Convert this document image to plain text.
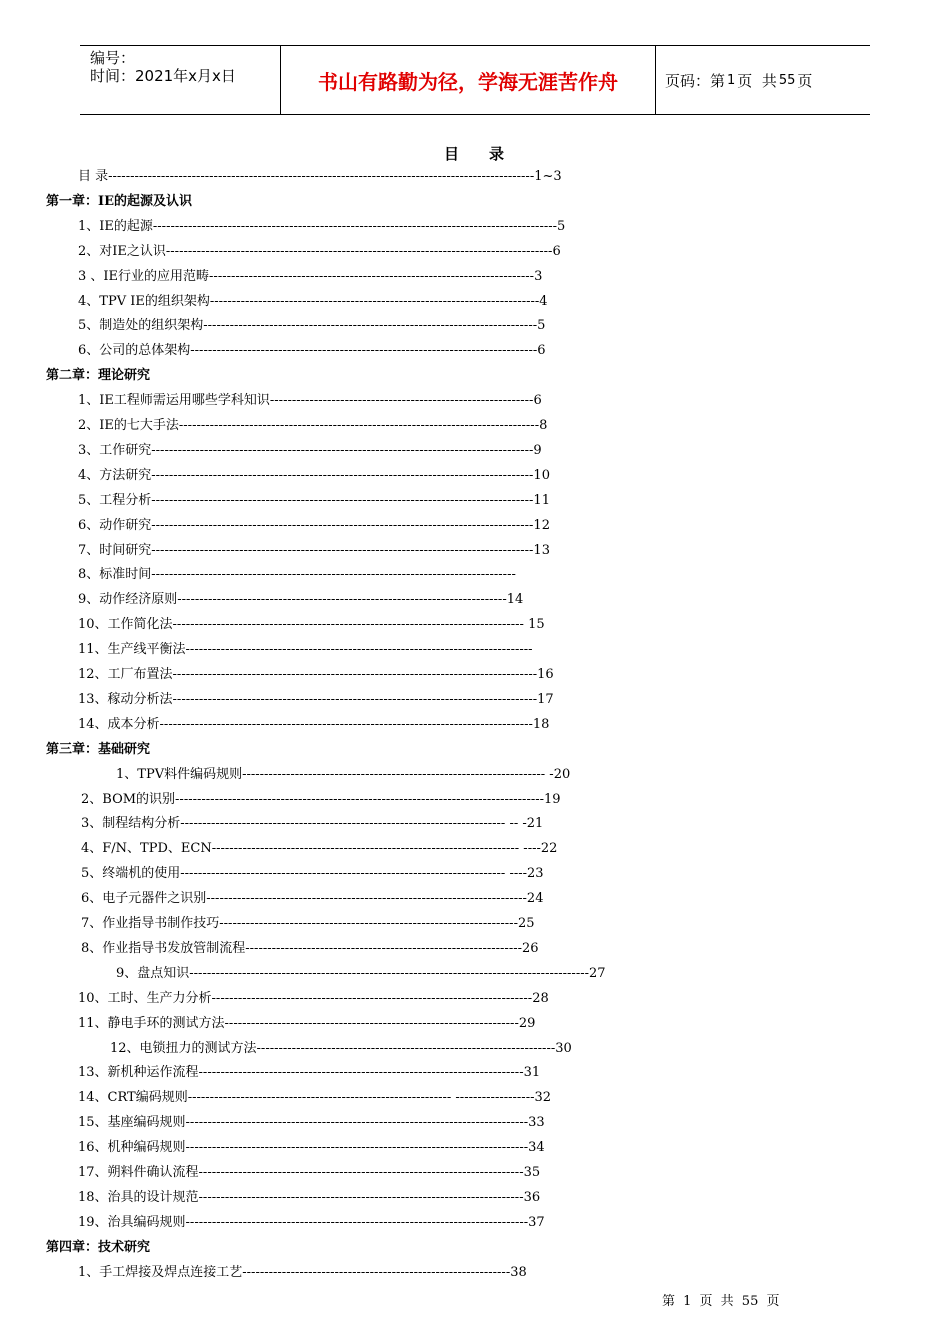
编号：
时间：2021年x月x日	书山有路勤为径，学海无涯苦作舟	页码：第 1 页  共 55 页
目录
目 录-------------------------------------------------------------------------------------------------1~3
第一章：IE的起源及认识
1、IE的起源--------------------------------------------------------------------------------------------5
2、对IE之认识----------------------------------------------------------------------------------------6
3 、IE行业的应用范畴--------------------------------------------------------------------------3
4、TPV IE的组织架构---------------------------------------------------------------------------4
5、制造处的组织架构----------------------------------------------------------------------------5
6、公司的总体架构-------------------------------------------------------------------------------6
第二章：理论研究
1、IE工程师需运用哪些学科知识------------------------------------------------------------6
2、IE的七大手法----------------------------------------------------------------------------------8
3、工作研究---------------------------------------------------------------------------------------9
4、方法研究---------------------------------------------------------------------------------------10
5、工程分析---------------------------------------------------------------------------------------11
6、动作研究---------------------------------------------------------------------------------------12
7、时间研究---------------------------------------------------------------------------------------13
8、标准时间-----------------------------------------------------------------------------------
9、动作经济原则---------------------------------------------------------------------------14
10、工作简化法-------------------------------------------------------------------------------- 15
11、生产线平衡法-------------------------------------------------------------------------------
12、工厂布置法-----------------------------------------------------------------------------------16
13、稼动分析法-----------------------------------------------------------------------------------17
14、成本分析-------------------------------------------------------------------------------------18
第三章：基础研究
1、TPV料件编码规则--------------------------------------------------------------------- -20
2、BOM的识别------------------------------------------------------------------------------------19
3、制程结构分析-------------------------------------------------------------------------- -- -21
4、F/N、TPD、ECN---------------------------------------------------------------------- ----22
5、终端机的使用-------------------------------------------------------------------------- ----23
6、电子元器件之识别-------------------------------------------------------------------------24
7、作业指导书制作技巧--------------------------------------------------------------------25
8、作业指导书发放管制流程---------------------------------------------------------------26
9、盘点知识-------------------------------------------------------------------------------------------27
10、工时、生产力分析-------------------------------------------------------------------------28
11、静电手环的测试方法-------------------------------------------------------------------29
12、电锁扭力的测试方法--------------------------------------------------------------------30
13、新机种运作流程--------------------------------------------------------------------------31
14、CRT编码规则------------------------------------------------------------ ------------------32
15、基座编码规则------------------------------------------------------------------------------33
16、机种编码规则------------------------------------------------------------------------------34
17、朔料件确认流程--------------------------------------------------------------------------35
18、治具的设计规范--------------------------------------------------------------------------36
19、治具编码规则------------------------------------------------------------------------------37
第四章：技术研究
1、手工焊接及焊点连接工艺-------------------------------------------------------------38
第 1 页 共 55 页
